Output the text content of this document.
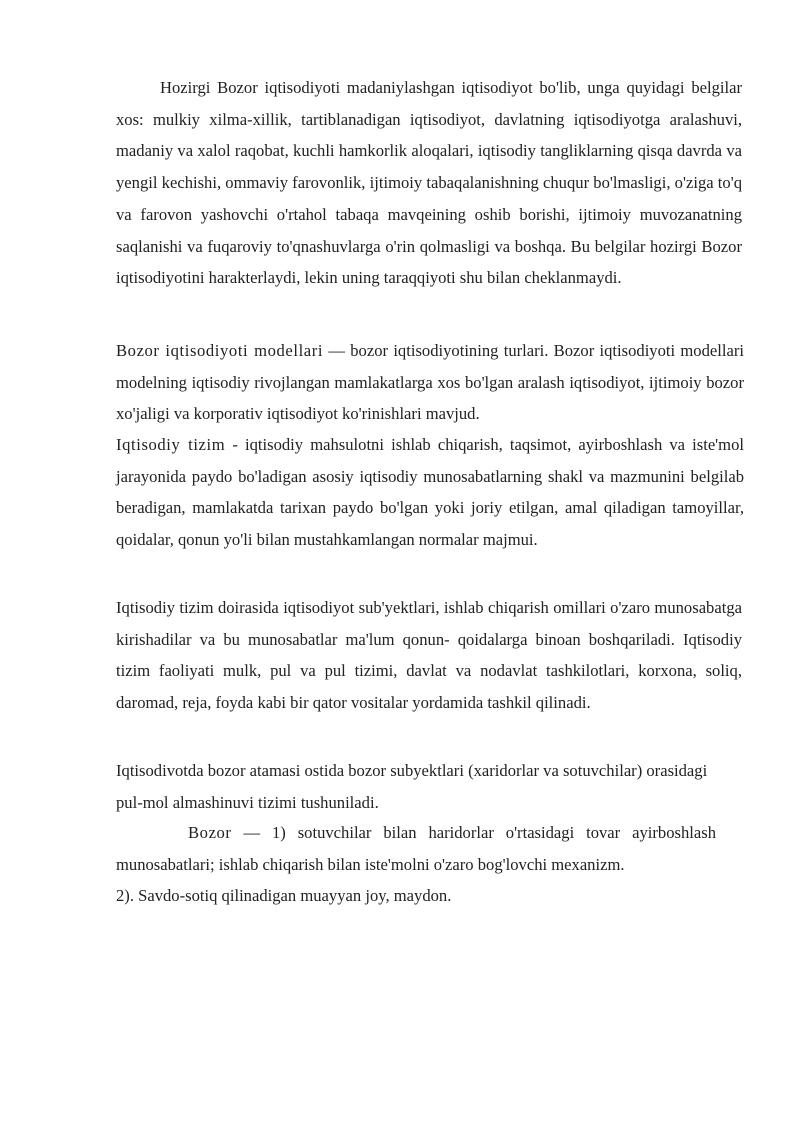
Hozirgi Bozor iqtisodiyoti madaniylashgan iqtisodiyot bo'lib, unga quyidagi belgilar xos: mulkiy xilma-xillik, tartiblanadigan iqtisodiyot, davlatning iqtisodiyotga aralashuvi, madaniy va xalol raqobat, kuchli hamkorlik aloqalari, iqtisodiy tangliklarning qisqa davrda va yengil kechishi, ommaviy farovonlik, ijtimoiy tabaqalanishning chuqur bo'lmasligi, o'ziga to'q va farovon yashovchi o'rtahol tabaqa mavqeining oshib borishi, ijtimoiy muvozanatning saqlanishi va fuqaroviy to'qnashuvlarga o'rin qolmasligi va boshqa. Bu belgilar hozirgi Bozor iqtisodiyotini harakterlaydi, lekin uning taraqqiyoti shu bilan cheklanmaydi.

Bozor iqtisodiyoti modellari — bozor iqtisodiyotining turlari. Bozor iqtisodiyoti modellari modelning iqtisodiy rivojlangan mamlakatlarga xos bo'lgan aralash iqtisodiyot, ijtimoiy bozor xo'jaligi va korporativ iqtisodiyot ko'rinishlari mavjud.

Iqtisodiy tizim - iqtisodiy mahsulotni ishlab chiqarish, taqsimot, ayirboshlash va iste'mol jarayonida paydo bo'ladigan asosiy iqtisodiy munosabatlarning shakl va mazmunini belgilab beradigan, mamlakatda tarixan paydo bo'lgan yoki joriy etilgan, amal qiladigan tamoyillar, qoidalar, qonun yo'li bilan mustahkamlangan normalar majmui.

Iqtisodiy tizim doirasida iqtisodiyot sub'yektlari, ishlab chiqarish omillari o'zaro munosabatga kirishadilar va bu munosabatlar ma'lum qonun- qoidalarga binoan boshqariladi. Iqtisodiy tizim faoliyati mulk, pul va pul tizimi, davlat va nodavlat tashkilotlari, korxona, soliq, daromad, reja, foyda kabi bir qator vositalar yordamida tashkil qilinadi.

Iqtisodivotda bozor atamasi ostida bozor subyektlari (xaridorlar va sotuvchilar) orasidagi pul-mol almashinuvi tizimi tushuniladi.

Bozor — 1) sotuvchilar bilan haridorlar o'rtasidagi tovar ayirboshlash munosabatlari; ishlab chiqarish bilan iste'molni o'zaro bog'lovchi mexanizm.

2). Savdo-sotiq qilinadigan muayyan joy, maydon.
